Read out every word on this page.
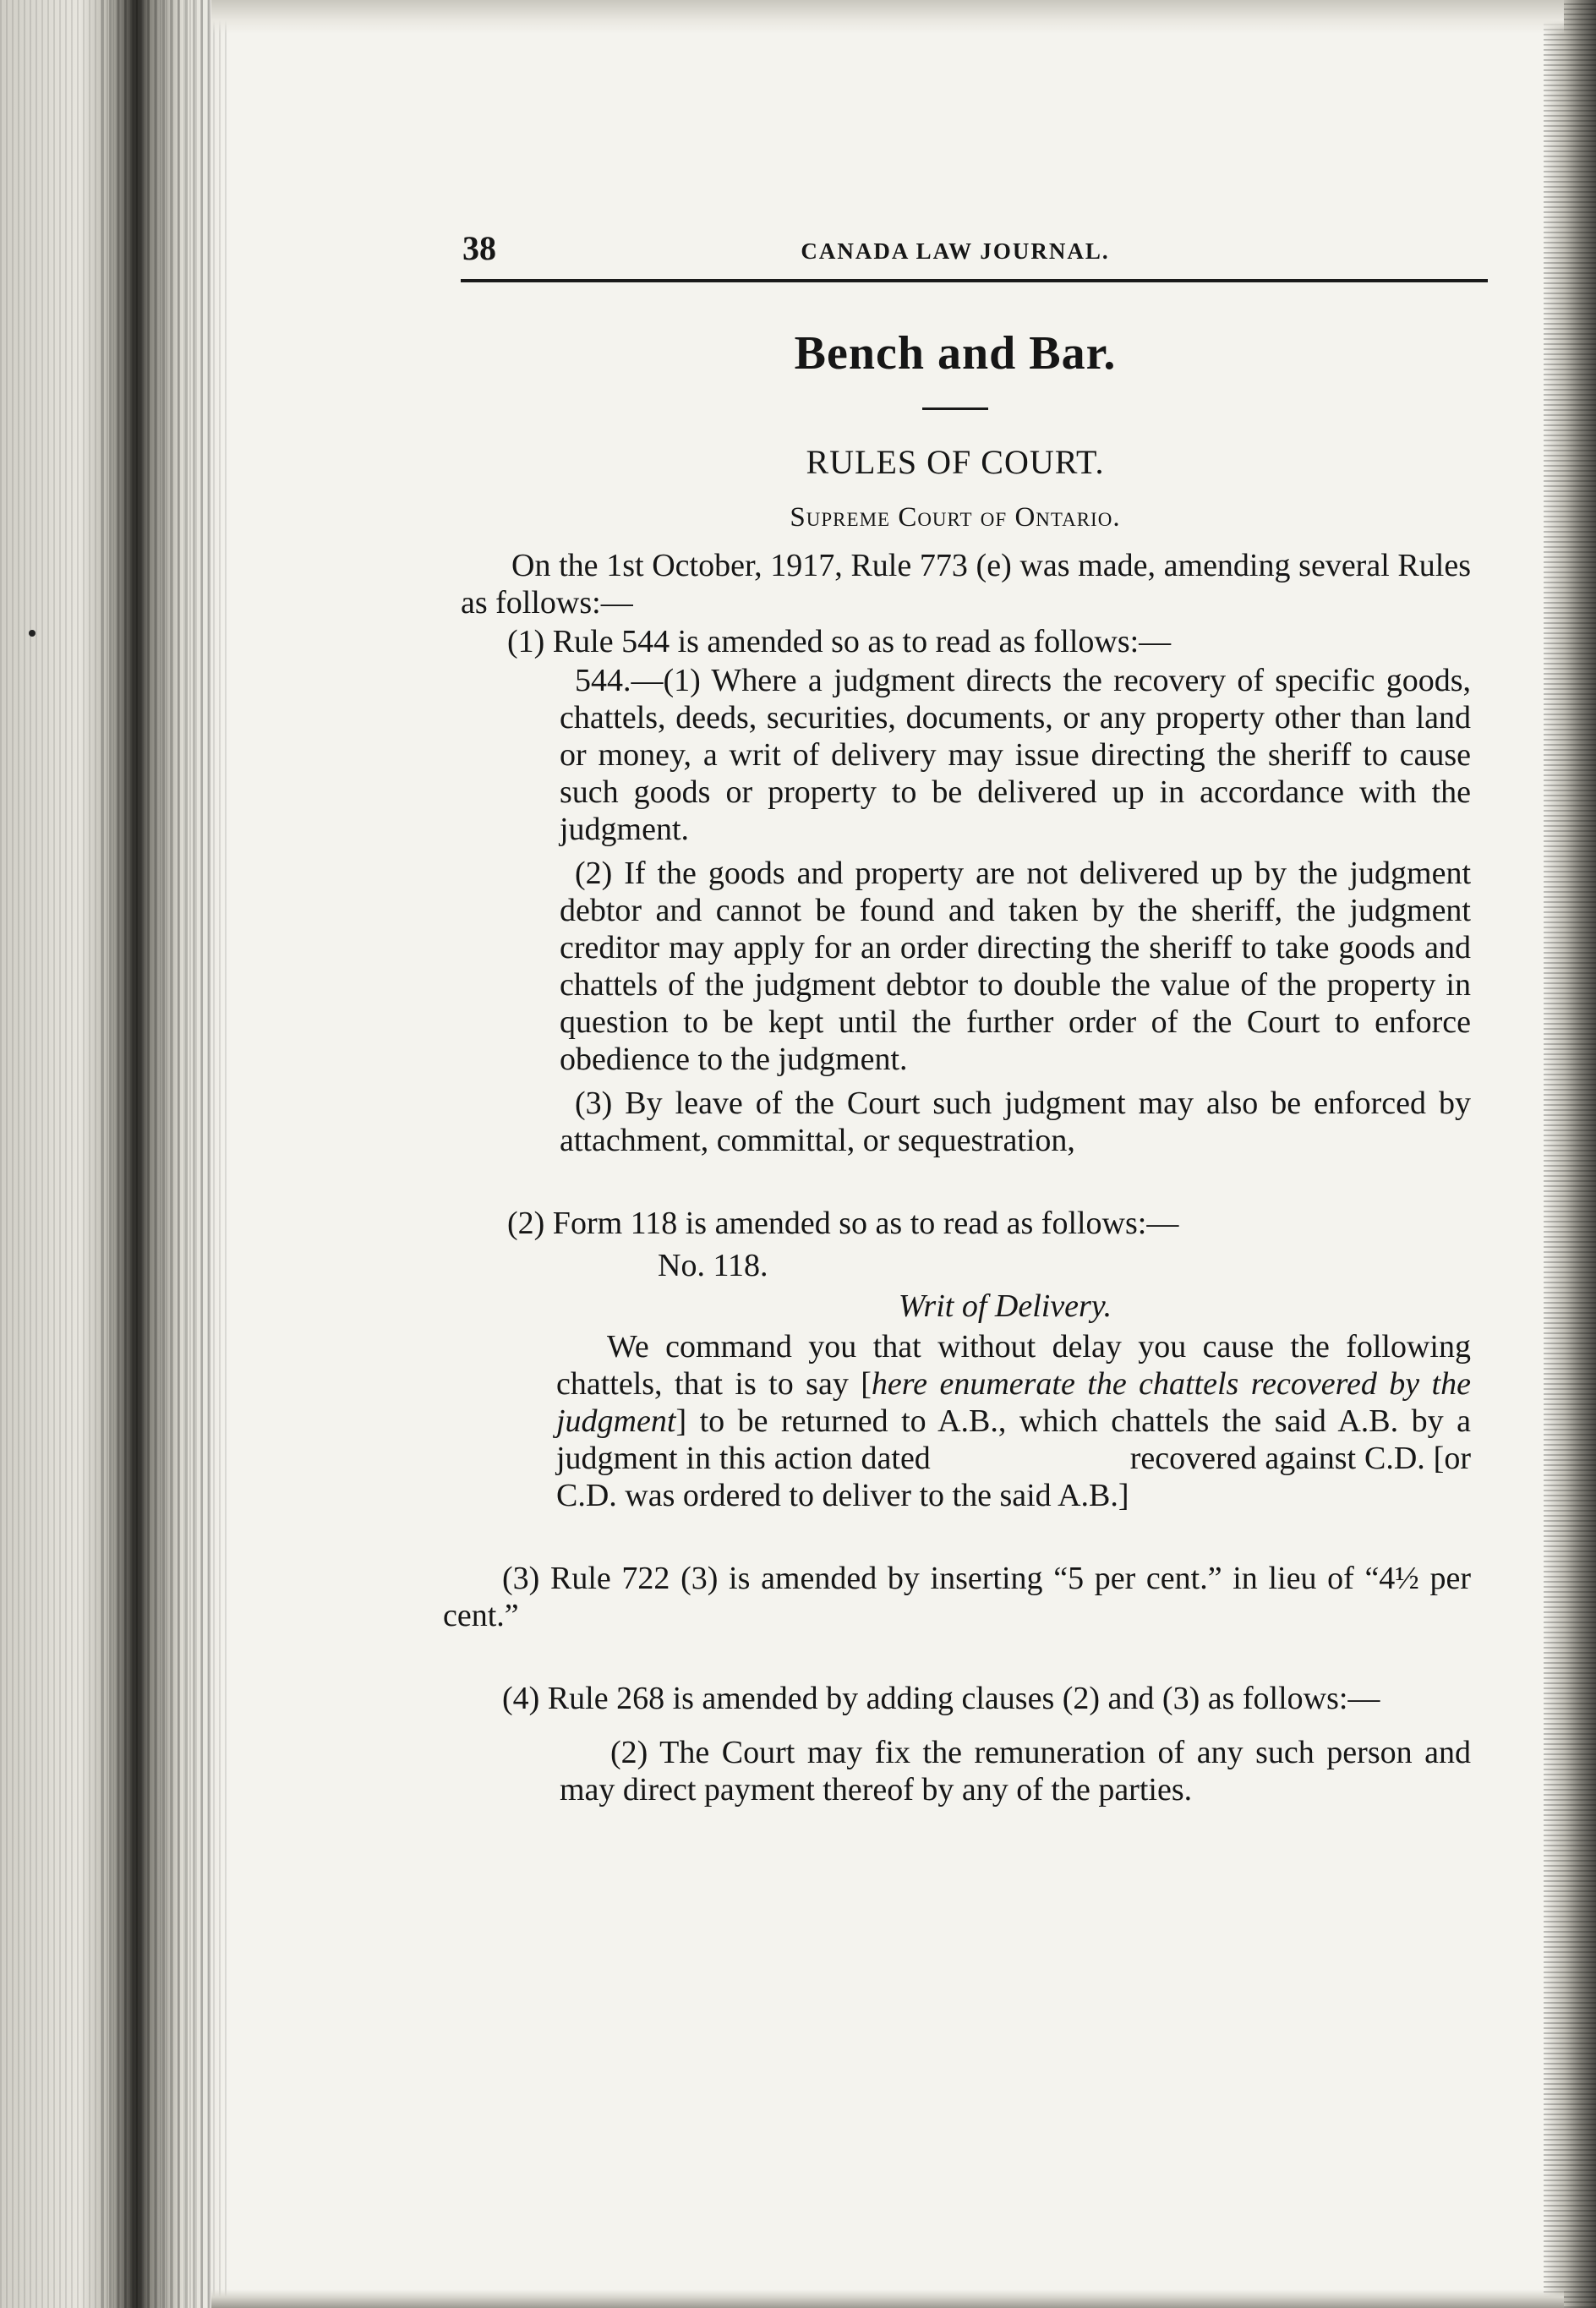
38	CANADA LAW JOURNAL.
Bench and Bar.
RULES OF COURT.
Supreme Court of Ontario.
On the 1st October, 1917, Rule 773 (e) was made, amending several Rules as follows:—
(1) Rule 544 is amended so as to read as follows:—
544.—(1) Where a judgment directs the recovery of specific goods, chattels, deeds, securities, documents, or any property other than land or money, a writ of delivery may issue directing the sheriff to cause such goods or property to be delivered up in accordance with the judgment.
(2) If the goods and property are not delivered up by the judgment debtor and cannot be found and taken by the sheriff, the judgment creditor may apply for an order directing the sheriff to take goods and chattels of the judgment debtor to double the value of the property in question to be kept until the further order of the Court to enforce obedience to the judgment.
(3) By leave of the Court such judgment may also be enforced by attachment, committal, or sequestration,
(2) Form 118 is amended so as to read as follows:—
No. 118.
Writ of Delivery.
We command you that without delay you cause the following chattels, that is to say [here enumerate the chattels recovered by the judgment] to be returned to A.B., which chattels the said A.B. by a judgment in this action dated	recovered against C.D. [or C.D. was ordered to deliver to the said A.B.]
(3) Rule 722 (3) is amended by inserting “5 per cent.” in lieu of “4½ per cent.”
(4) Rule 268 is amended by adding clauses (2) and (3) as follows:—
(2) The Court may fix the remuneration of any such person and may direct payment thereof by any of the parties.
